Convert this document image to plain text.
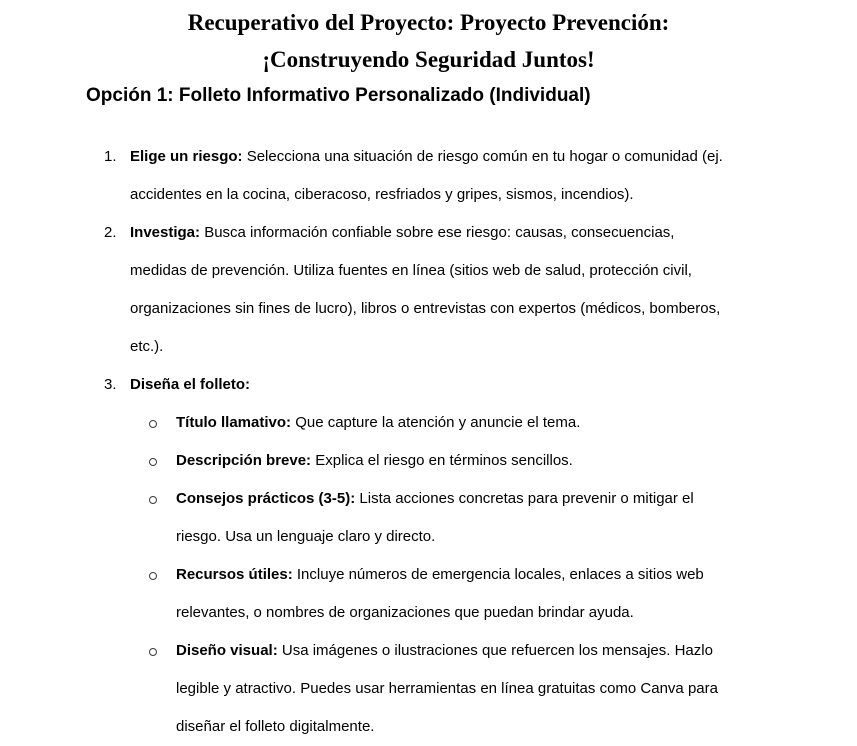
Recuperativo del Proyecto: Proyecto Prevención:
¡Construyendo Seguridad Juntos!
Opción 1: Folleto Informativo Personalizado (Individual)
1. Elige un riesgo: Selecciona una situación de riesgo común en tu hogar o comunidad (ej.
accidentes en la cocina, ciberacoso, resfriados y gripes, sismos, incendios).
2. Investiga: Busca información confiable sobre ese riesgo: causas, consecuencias,
medidas de prevención. Utiliza fuentes en línea (sitios web de salud, protección civil,
organizaciones sin fines de lucro), libros o entrevistas con expertos (médicos, bomberos,
etc.).
3. Diseña el folleto:
Título llamativo: Que capture la atención y anuncie el tema.
Descripción breve: Explica el riesgo en términos sencillos.
Consejos prácticos (3-5): Lista acciones concretas para prevenir o mitigar el
riesgo. Usa un lenguaje claro y directo.
Recursos útiles: Incluye números de emergencia locales, enlaces a sitios web
relevantes, o nombres de organizaciones que puedan brindar ayuda.
Diseño visual: Usa imágenes o ilustraciones que refuercen los mensajes. Hazlo
legible y atractivo. Puedes usar herramientas en línea gratuitas como Canva para
diseñar el folleto digitalmente.
